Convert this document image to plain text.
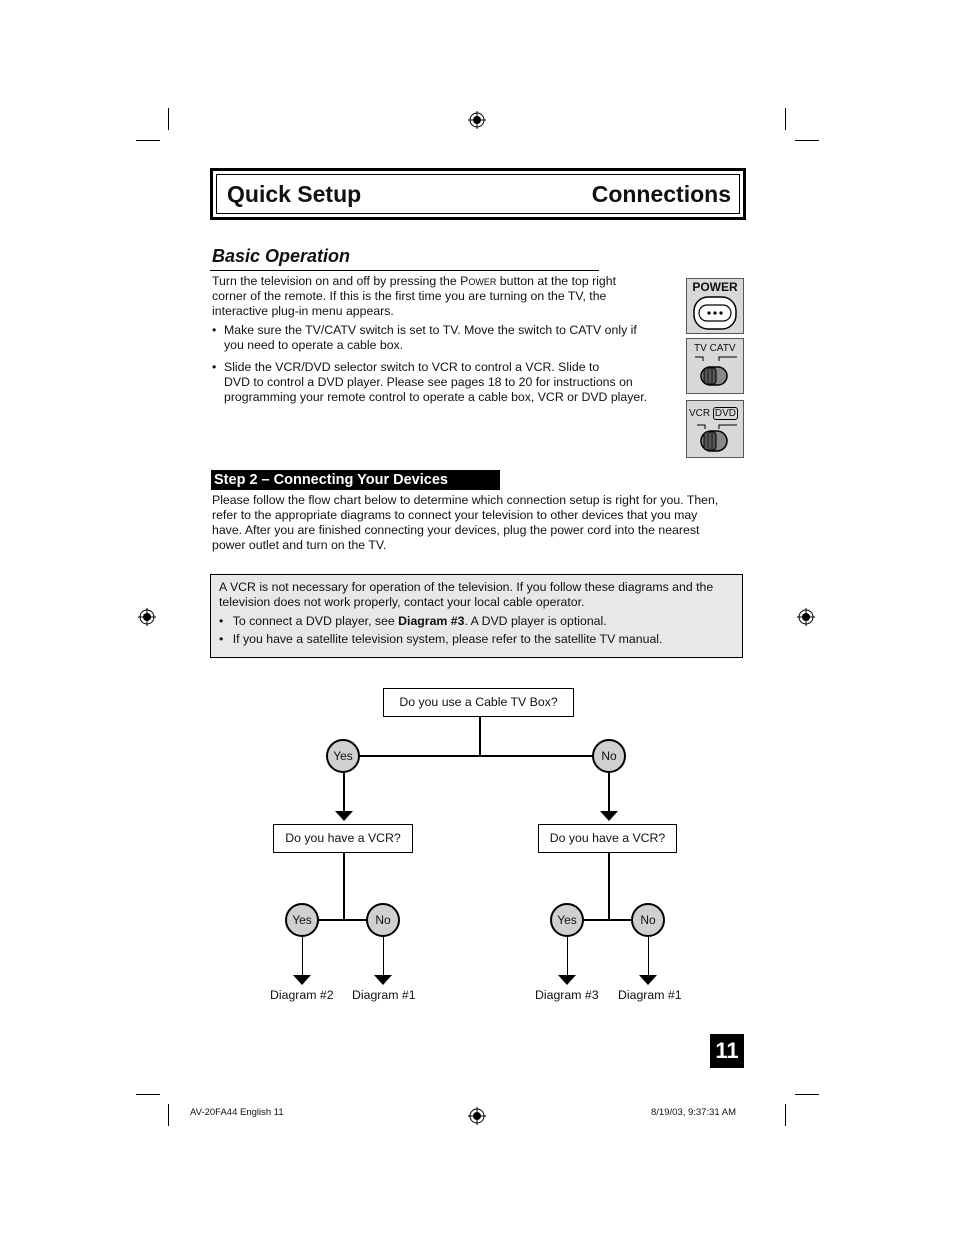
Quick Setup	Connections
Basic Operation
Turn the television on and off by pressing the Power button at the top right
corner of the remote. If this is the first time you are turning on the TV, the
interactive plug-in menu appears.
• Make sure the TV/CATV switch is set to TV. Move the switch to CATV only if
you need to operate a cable box.
• Slide the VCR/DVD selector switch to VCR to control a VCR. Slide to
DVD to control a DVD player. Please see pages 18 to 20 for instructions on
programming your remote control to operate a cable box, VCR or DVD player.
POWER
TV CATV
VCR DVD
Step 2 – Connecting Your Devices
Please follow the flow chart below to determine which connection setup is right for you. Then,
refer to the appropriate diagrams to connect your television to other devices that you may
have. After you are finished connecting your devices, plug the power cord into the nearest
power outlet and turn on the TV.
A VCR is not necessary for operation of the television. If you follow these diagrams and the
television does not work properly, contact your local cable operator.
• To connect a DVD player, see Diagram #3. A DVD player is optional.
• If you have a satellite television system, please refer to the satellite TV manual.
Do you use a Cable TV Box?
Yes	No
Do you have a VCR?	Do you have a VCR?
Yes	No	Yes	No
Diagram #2 Diagram #1	Diagram #3 Diagram #1
11
AV-20FA44 English 11	8/19/03, 9:37:31 AM
